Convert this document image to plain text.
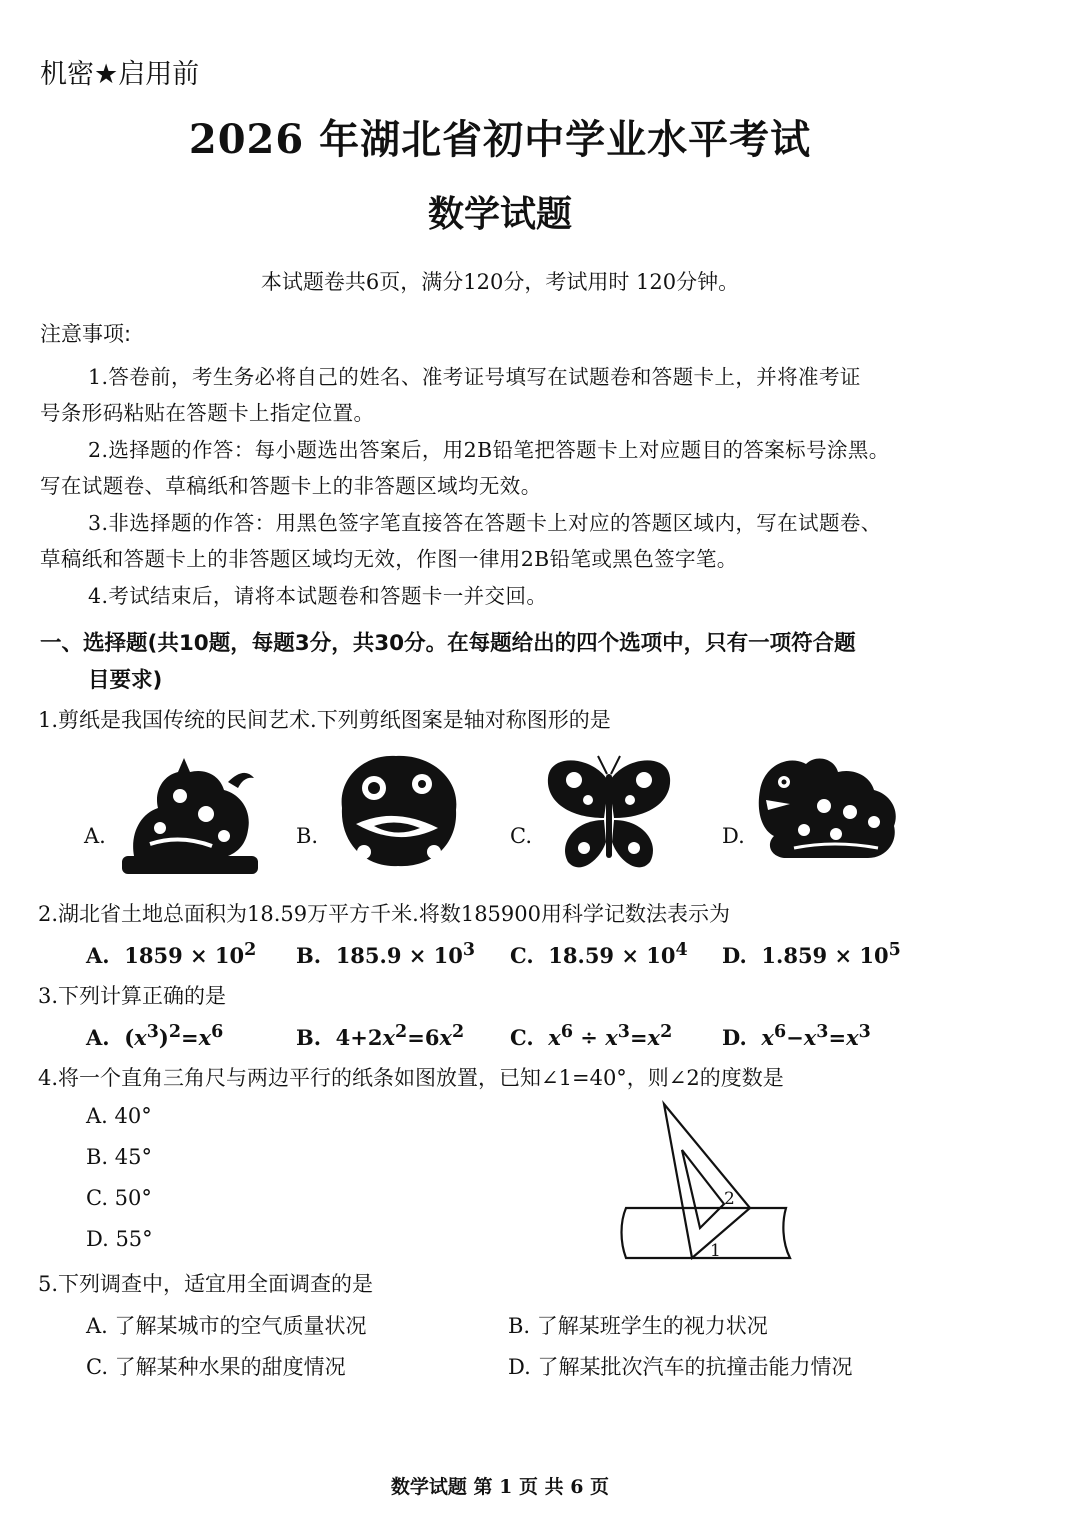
机密★启用前
2026 年湖北省初中学业水平考试
数学试题
本试题卷共6页，满分120分，考试用时 120分钟。
注意事项:
1.答卷前，考生务必将自己的姓名、准考证号填写在试题卷和答题卡上，并将准考证
号条形码粘贴在答题卡上指定位置。
2.选择题的作答：每小题选出答案后，用2B铅笔把答题卡上对应题目的答案标号涂黑。
写在试题卷、草稿纸和答题卡上的非答题区域均无效。
3.非选择题的作答：用黑色签字笔直接答在答题卡上对应的答题区域内，写在试题卷、
草稿纸和答题卡上的非答题区域均无效，作图一律用2B铅笔或黑色签字笔。
4.考试结束后，请将本试题卷和答题卡一并交回。
一、选择题(共10题，每题3分，共30分。在每题给出的四个选项中，只有一项符合题
目要求)
1.剪纸是我国传统的民间艺术.下列剪纸图案是轴对称图形的是
A.	B.	C.	D.
2.湖北省土地总面积为18.59万平方千米.将数185900用科学记数法表示为
A. $1859 \times 10^2$ B. $185.9 \times 10^3$ C. $18.59 \times 10^4$ D. $1.859 \times 10^5$
3.下列计算正确的是
A.  $(x^3)^2=x^6$	B.  $4+2x^2=6x^2$ C. $x^6 \div x^3=x^2$ D. $x^6-x^3=x^3$
4.将一个直角三角尺与两边平行的纸条如图放置，已知∠1=40°，则∠2的度数是
A. 40°
B. 45°
C. 50°
D. 55°
2
1
5.下列调查中，适宜用全面调查的是
A. 了解某城市的空气质量状况	B. 了解某班学生的视力状况
C. 了解某种水果的甜度情况	D. 了解某批次汽车的抗撞击能力情况
数学试题 第 1 页 共 6 页
